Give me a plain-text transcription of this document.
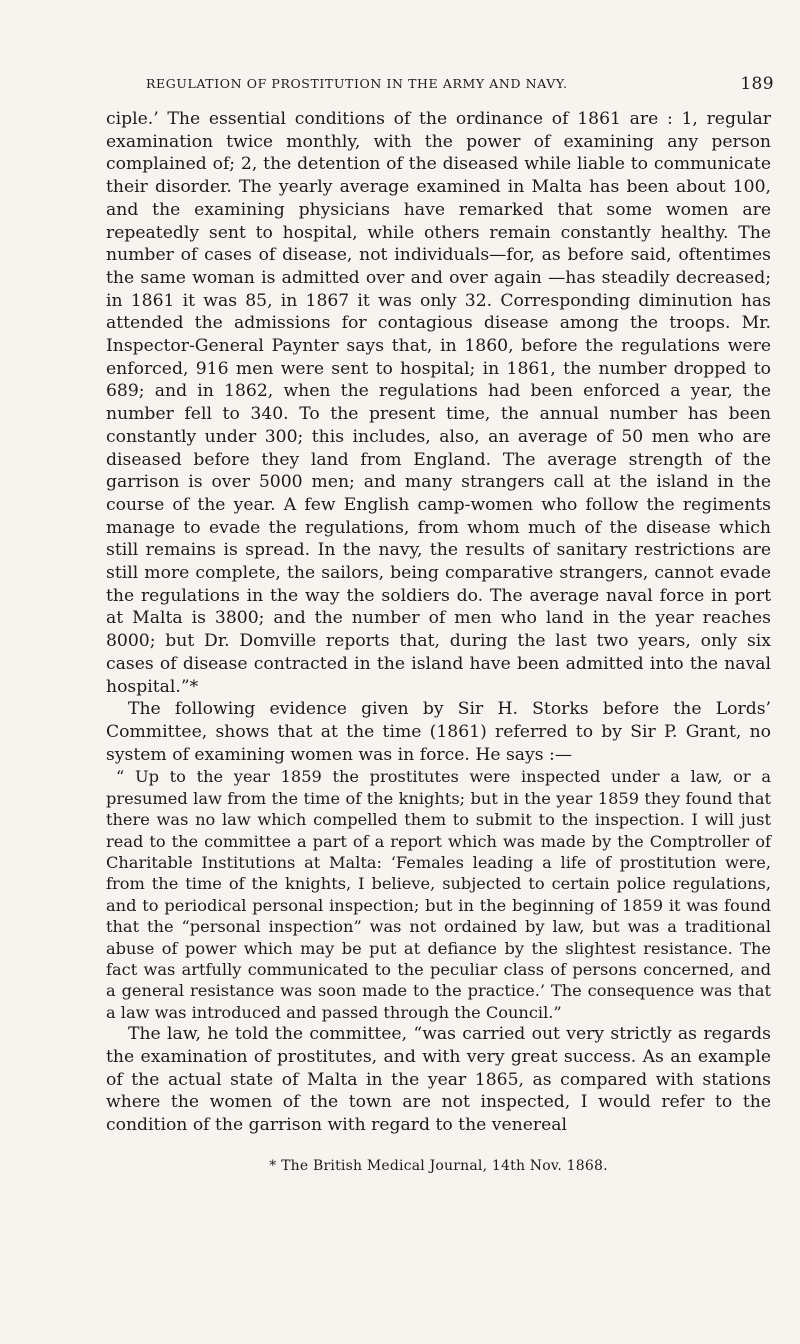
REGULATION OF PROSTITUTION IN THE ARMY AND NAVY.	189

ciple.’ The essential conditions of the ordinance of 1861 are : 1, regular examination twice monthly, with the power of examining any person complained of; 2, the detention of the diseased while liable to communicate their disorder. The yearly average examined in Malta has been about 100, and the examining physicians have remarked that some women are repeatedly sent to hospital, while others remain constantly healthy. The number of cases of disease, not individuals—for, as before said, oftentimes the same woman is admitted over and over again —has steadily decreased; in 1861 it was 85, in 1867 it was only 32. Corresponding diminution has attended the admissions for contagious disease among the troops. Mr. Inspector-General Paynter says that, in 1860, before the regulations were enforced, 916 men were sent to hospital; in 1861, the number dropped to 689; and in 1862, when the regulations had been enforced a year, the number fell to 340. To the present time, the annual number has been constantly under 300; this includes, also, an average of 50 men who are diseased before they land from England. The average strength of the garrison is over 5000 men; and many strangers call at the island in the course of the year. A few English camp-women who follow the regiments manage to evade the regulations, from whom much of the disease which still remains is spread. In the navy, the results of sanitary restrictions are still more complete, the sailors, being comparative strangers, cannot evade the regulations in the way the soldiers do. The average naval force in port at Malta is 3800; and the number of men who land in the year reaches 8000; but Dr. Domville reports that, during the last two years, only six cases of disease contracted in the island have been admitted into the naval hospital.”*

The following evidence given by Sir H. Storks before the Lords’ Committee, shows that at the time (1861) referred to by Sir P. Grant, no system of examining women was in force. He says :—

“ Up to the year 1859 the prostitutes were inspected under a law, or a presumed law from the time of the knights; but in the year 1859 they found that there was no law which compelled them to submit to the inspection. I will just read to the committee a part of a report which was made by the Comptroller of Charitable Institutions at Malta: ‘Females leading a life of prostitution were, from the time of the knights, I believe, subjected to certain police regulations, and to periodical personal inspection; but in the beginning of 1859 it was found that the “personal inspection” was not ordained by law, but was a traditional abuse of power which may be put at defiance by the slightest resistance. The fact was artfully communicated to the peculiar class of persons concerned, and a general resistance was soon made to the practice.’ The consequence was that a law was introduced and passed through the Council.”

The law, he told the committee, “was carried out very strictly as regards the examination of prostitutes, and with very great success. As an example of the actual state of Malta in the year 1865, as compared with stations where the women of the town are not inspected, I would refer to the condition of the garrison with regard to the venereal

* The British Medical Journal, 14th Nov. 1868.
